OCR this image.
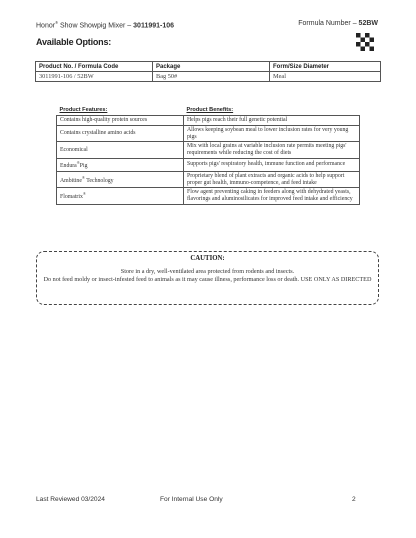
Honor® Show Showpig Mixer – 3011991-106	Formula Number – 52BW
Available Options:
Product No. / Formula Code	Package	Form/Size Diameter
3011991-106 / 52BW	Bag 50#	Meal
Product Features:	Product Benefits:
Contains high-quality protein sources	Helps pigs reach their full genetic potential
Contains crystalline amino acids	Allows keeping soybean meal to lower inclusion rates for very young pigs
Economical	Mix with local grains at variable inclusion rate permits meeting pigs' requirements while reducing the cost of diets
Endura®Pig	Supports pigs' respiratory health, immune function and performance
Ambitine® Technology	Proprietary blend of plant extracts and organic acids to help support proper gut health, immuno-competence, and feed intake
Flomatrix®	Flow agent preventing caking in feeders along with dehydrated yeasts, flavorings and aluminosilicates for improved feed intake and efficiency
CAUTION:
Store in a dry, well-ventilated area protected from rodents and insects.
Do not feed moldy or insect-infested feed to animals as it may cause illness, performance loss or death. USE ONLY AS DIRECTED
Last Reviewed 03/2024	For Internal Use Only	2
